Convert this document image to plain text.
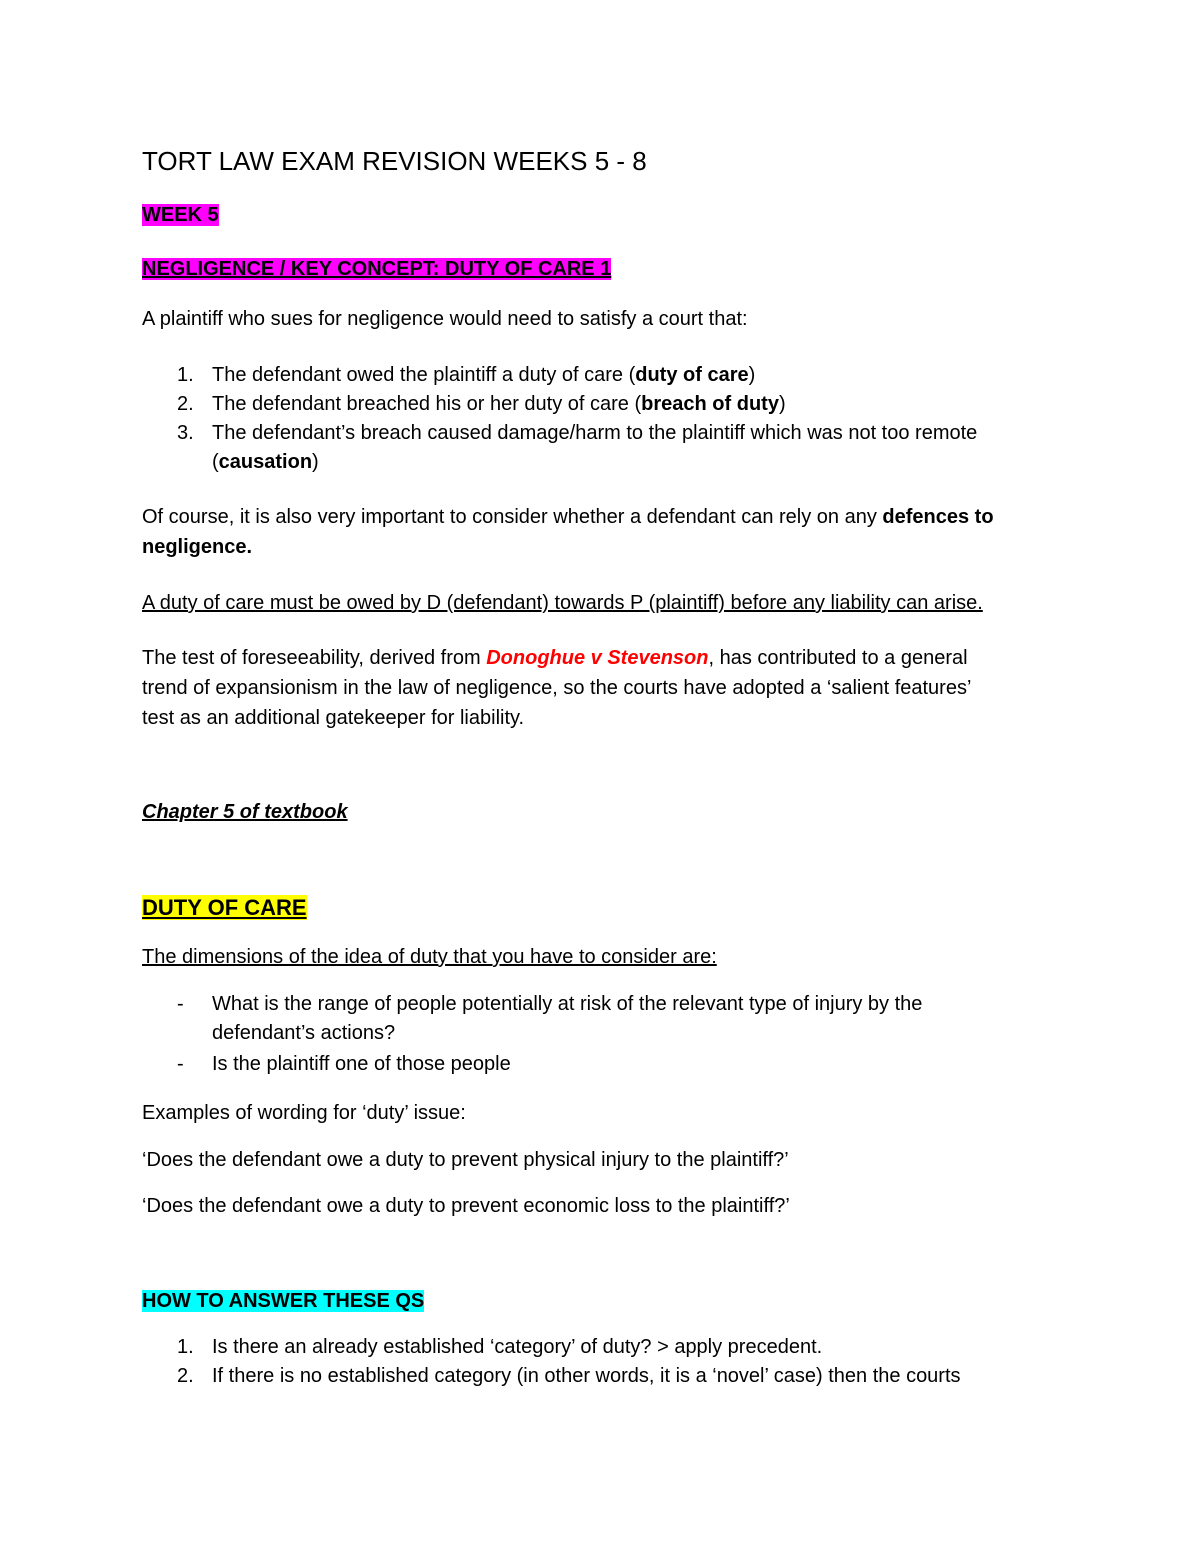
TORT LAW EXAM REVISION WEEKS 5 - 8

WEEK 5

NEGLIGENCE / KEY CONCEPT: DUTY OF CARE 1

A plaintiff who sues for negligence would need to satisfy a court that:

1. The defendant owed the plaintiff a duty of care (duty of care)
2. The defendant breached his or her duty of care (breach of duty)
3. The defendant’s breach caused damage/harm to the plaintiff which was not too remote
(causation)

Of course, it is also very important to consider whether a defendant can rely on any defences to
negligence.

A duty of care must be owed by D (defendant) towards P (plaintiff) before any liability can arise.

The test of foreseeability, derived from Donoghue v Stevenson, has contributed to a general
trend of expansionism in the law of negligence, so the courts have adopted a ‘salient features’
test as an additional gatekeeper for liability.

Chapter 5 of textbook

DUTY OF CARE

The dimensions of the idea of duty that you have to consider are:

- What is the range of people potentially at risk of the relevant type of injury by the
defendant’s actions?
- Is the plaintiff one of those people

Examples of wording for ‘duty’ issue:

‘Does the defendant owe a duty to prevent physical injury to the plaintiff?’

‘Does the defendant owe a duty to prevent economic loss to the plaintiff?’

HOW TO ANSWER THESE QS

1. Is there an already established ‘category’ of duty? > apply precedent.
2. If there is no established category (in other words, it is a ‘novel’ case) then the courts
